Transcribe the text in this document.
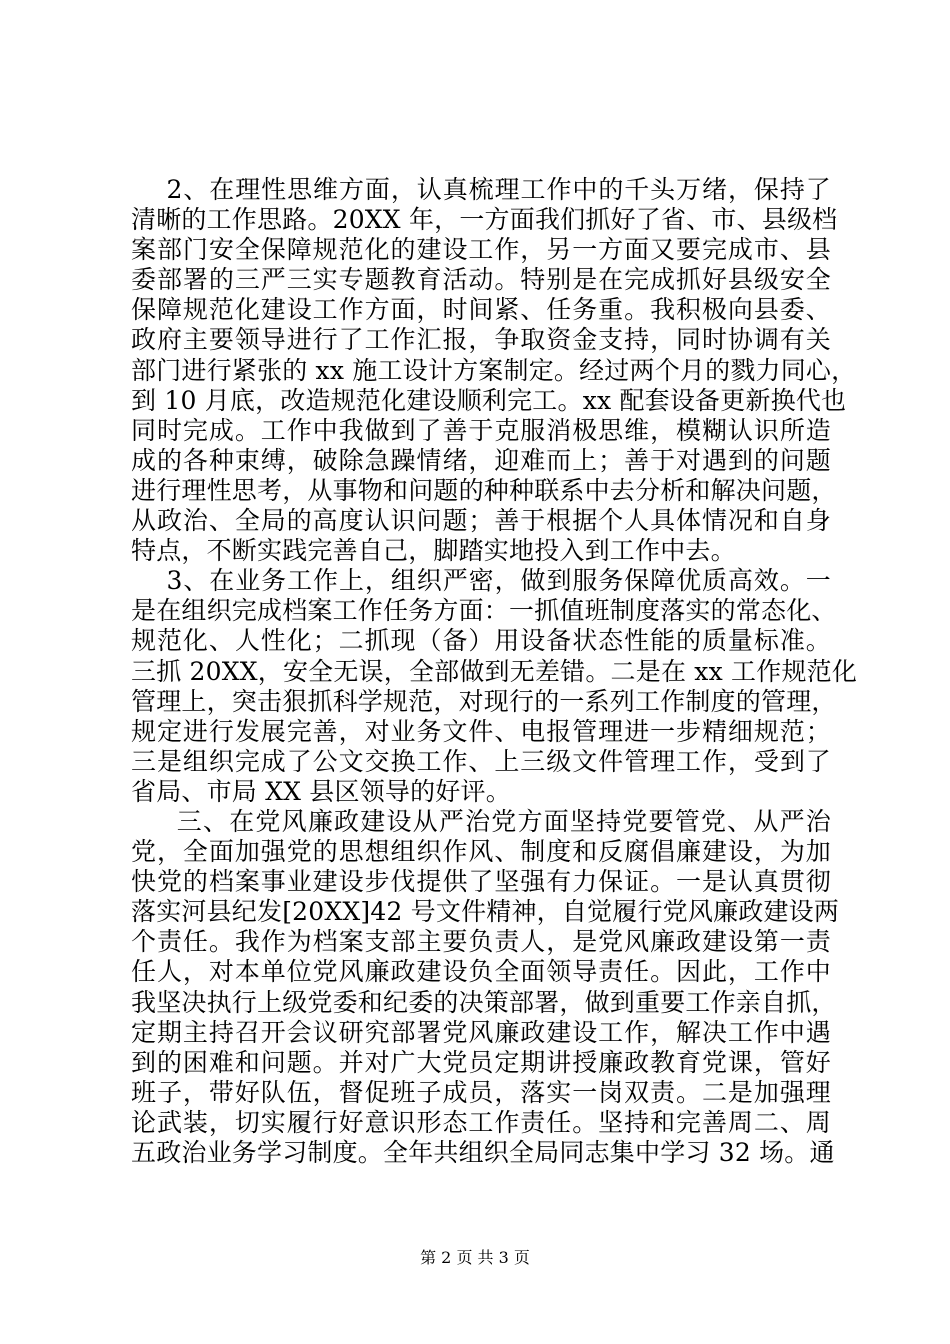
2、在理性思维方面，认真梳理工作中的千头万绪，保持了
清晰的工作思路。20XX 年，一方面我们抓好了省、市、县级档
案部门安全保障规范化的建设工作，另一方面又要完成市、县
委部署的三严三实专题教育活动。特别是在完成抓好县级安全
保障规范化建设工作方面，时间紧、任务重。我积极向县委、
政府主要领导进行了工作汇报，争取资金支持，同时协调有关
部门进行紧张的 xx 施工设计方案制定。经过两个月的戮力同心，
到 10 月底，改造规范化建设顺利完工。xx 配套设备更新换代也
同时完成。工作中我做到了善于克服消极思维，模糊认识所造
成的各种束缚，破除急躁情绪，迎难而上；善于对遇到的问题
进行理性思考，从事物和问题的种种联系中去分析和解决问题，
从政治、全局的高度认识问题；善于根据个人具体情况和自身
特点，不断实践完善自己，脚踏实地投入到工作中去。
3、在业务工作上，组织严密，做到服务保障优质高效。一
是在组织完成档案工作任务方面：一抓值班制度落实的常态化、
规范化、人性化；二抓现（备）用设备状态性能的质量标准。
三抓 20XX，安全无误，全部做到无差错。二是在 xx 工作规范化
管理上，突击狠抓科学规范，对现行的一系列工作制度的管理，
规定进行发展完善，对业务文件、电报管理进一步精细规范；
三是组织完成了公文交换工作、上三级文件管理工作，受到了
省局、市局 XX 县区领导的好评。
三、在党风廉政建设从严治党方面坚持党要管党、从严治
党，全面加强党的思想组织作风、制度和反腐倡廉建设，为加
快党的档案事业建设步伐提供了坚强有力保证。一是认真贯彻
落实河县纪发[20XX]42 号文件精神，自觉履行党风廉政建设两
个责任。我作为档案支部主要负责人，是党风廉政建设第一责
任人，对本单位党风廉政建设负全面领导责任。因此，工作中
我坚决执行上级党委和纪委的决策部署，做到重要工作亲自抓，
定期主持召开会议研究部署党风廉政建设工作，解决工作中遇
到的困难和问题。并对广大党员定期讲授廉政教育党课，管好
班子，带好队伍，督促班子成员，落实一岗双责。二是加强理
论武装，切实履行好意识形态工作责任。坚持和完善周二、周
五政治业务学习制度。全年共组织全局同志集中学习 32 场。通
第 2 页 共 3 页
